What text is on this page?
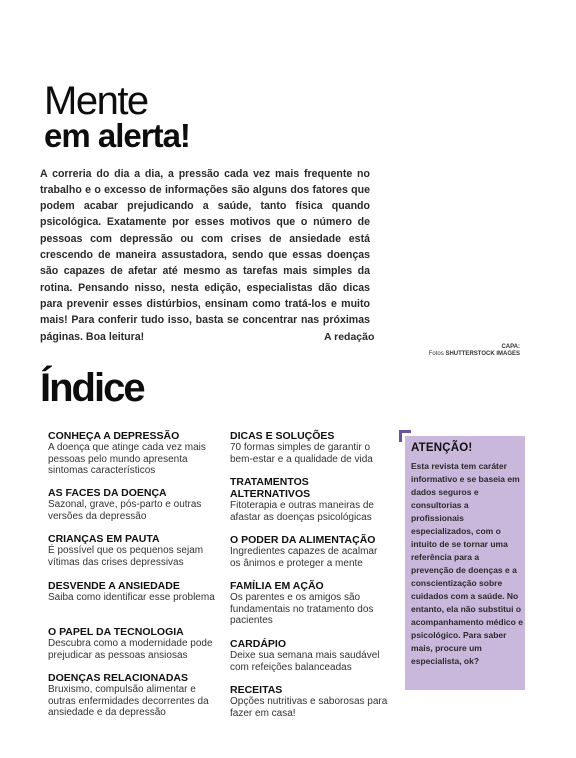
Mente
em alerta!

A correria do dia a dia, a pressão cada vez mais frequente no trabalho e o excesso de informações são alguns dos fatores que podem acabar prejudicando a saúde, tanto física quando psicológica. Exatamente por esses motivos que o número de pessoas com depressão ou com crises de ansiedade está crescendo de maneira assustadora, sendo que essas doenças são capazes de afetar até mesmo as tarefas mais simples da rotina. Pensando nisso, nesta edição, especialistas dão dicas para prevenir esses distúrbios, ensinam como tratá-los e muito mais! Para conferir tudo isso, basta se concentrar nas próximas páginas. Boa leitura!	A redação
CAPA:
Fotos SHUTTERSTOCK IMAGES
Índice
CONHEÇA A DEPRESSÃO
A doença que atinge cada vez mais pessoas pelo mundo apresenta sintomas característicos
AS FACES DA DOENÇA
Sazonal, grave, pós-parto e outras versões da depressão
CRIANÇAS EM PAUTA
É possível que os pequenos sejam vítimas das crises depressivas
DESVENDE A ANSIEDADE
Saiba como identificar esse problema
O PAPEL DA TECNOLOGIA
Descubra como a modernidade pode prejudicar as pessoas ansiosas
DOENÇAS RELACIONADAS
Bruxismo, compulsão alimentar e outras enfermidades decorrentes da ansiedade e da depressão
DICAS E SOLUÇÕES
70 formas simples de garantir o bem-estar e a qualidade de vida
TRATAMENTOS ALTERNATIVOS
Fitoterapia e outras maneiras de afastar as doenças psicológicas
O PODER DA ALIMENTAÇÃO
Ingredientes capazes de acalmar os ânimos e proteger a mente
FAMÍLIA EM AÇÃO
Os parentes e os amigos são fundamentais no tratamento dos pacientes
CARDÁPIO
Deixe sua semana mais saudável com refeições balanceadas
RECEITAS
Opções nutritivas e saborosas para fazer em casa!
ATENÇÃO!
Esta revista tem caráter informativo e se baseia em dados seguros e consultorias a profissionais especializados, com o intuito de se tornar uma referência para a prevenção de doenças e a conscientização sobre cuidados com a saúde. No entanto, ela não substitui o acompanhamento médico e psicológico. Para saber mais, procure um especialista, ok?
